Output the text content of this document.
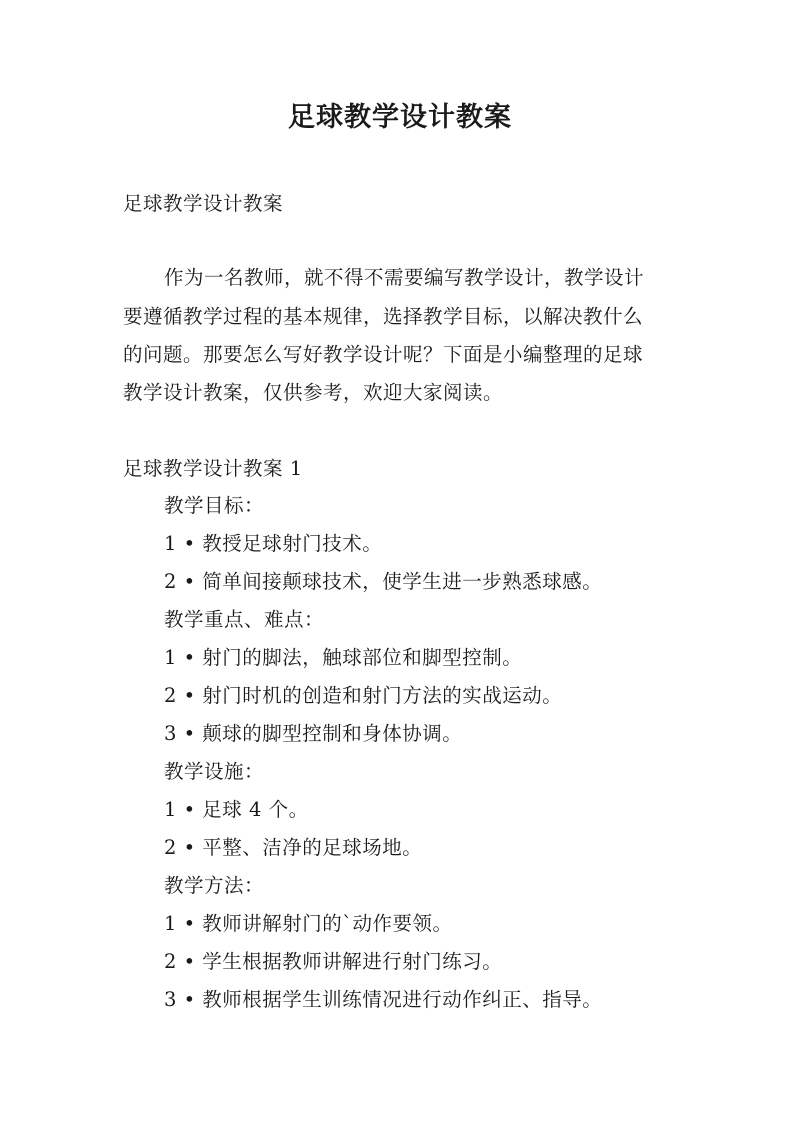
足球教学设计教案
足球教学设计教案
作为一名教师，就不得不需要编写教学设计，教学设计
要遵循教学过程的基本规律，选择教学目标，以解决教什么
的问题。那要怎么写好教学设计呢？下面是小编整理的足球
教学设计教案，仅供参考，欢迎大家阅读。
足球教学设计教案 1
教学目标：
1 • 教授足球射门技术。
2 • 简单间接颠球技术，使学生进一步熟悉球感。
教学重点、难点：
1 • 射门的脚法，触球部位和脚型控制。
2 • 射门时机的创造和射门方法的实战运动。
3 • 颠球的脚型控制和身体协调。
教学设施：
1 • 足球 4 个。
2 • 平整、洁净的足球场地。
教学方法：
1 • 教师讲解射门的`动作要领。
2 • 学生根据教师讲解进行射门练习。
3 • 教师根据学生训练情况进行动作纠正、指导。
